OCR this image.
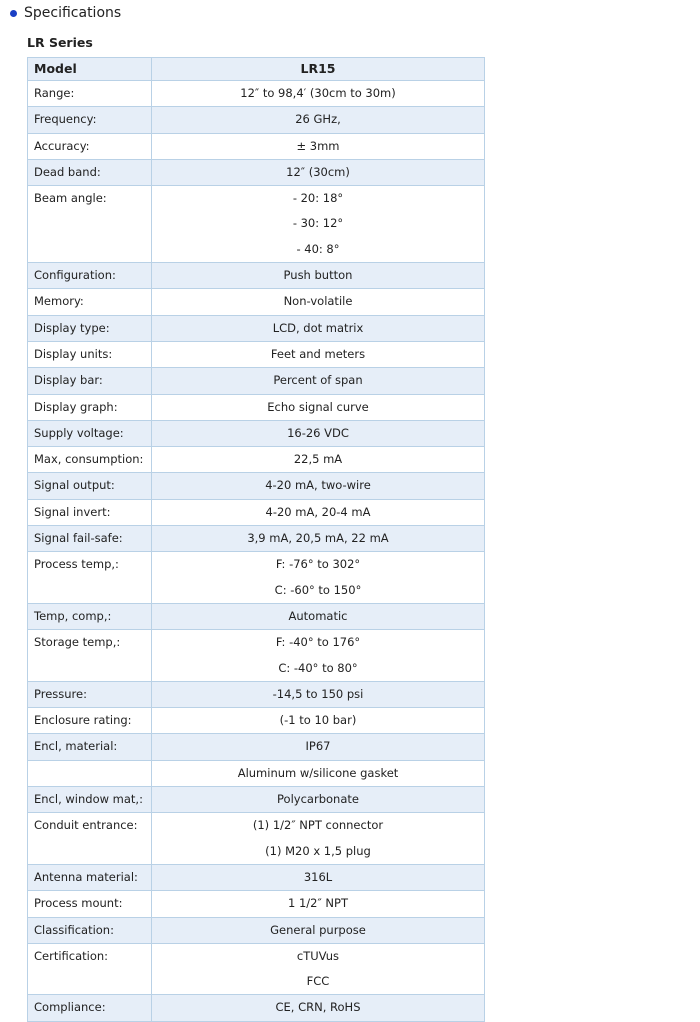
Specifications
LR Series
Model	LR15
Range:	12″ to 98,4′ (30cm to 30m)

Frequency:	26 GHz,

Accuracy:	± 3mm

Dead band:	12″ (30cm)

Beam angle:	- 20: 18°
- 30: 12°
- 40: 8°

Configuration:	Push button

Memory:	Non-volatile

Display type:	LCD, dot matrix

Display units:	Feet and meters

Display bar:	Percent of span

Display graph:	Echo signal curve

Supply voltage:	16-26 VDC

Max, consumption:	22,5 mA

Signal output:	4-20 mA, two-wire

Signal invert:	4-20 mA, 20-4 mA

Signal fail-safe:	3,9 mA, 20,5 mA, 22 mA

Process temp,:	F: -76° to 302°
C: -60° to 150°

Temp, comp,:	Automatic

Storage temp,:	F: -40° to 176°
C: -40° to 80°

Pressure:	-14,5 to 150 psi

Enclosure rating:	(-1 to 10 bar)

Encl, material:	IP67

	Aluminum w/silicone gasket

Encl, window mat,:	Polycarbonate

Conduit entrance:	(1) 1/2″ NPT connector
(1) M20 x 1,5 plug

Antenna material:	316L

Process mount:	1 1/2″ NPT

Classification:	General purpose

Certification:	cTUVus
FCC

Compliance:	CE, CRN, RoHS
